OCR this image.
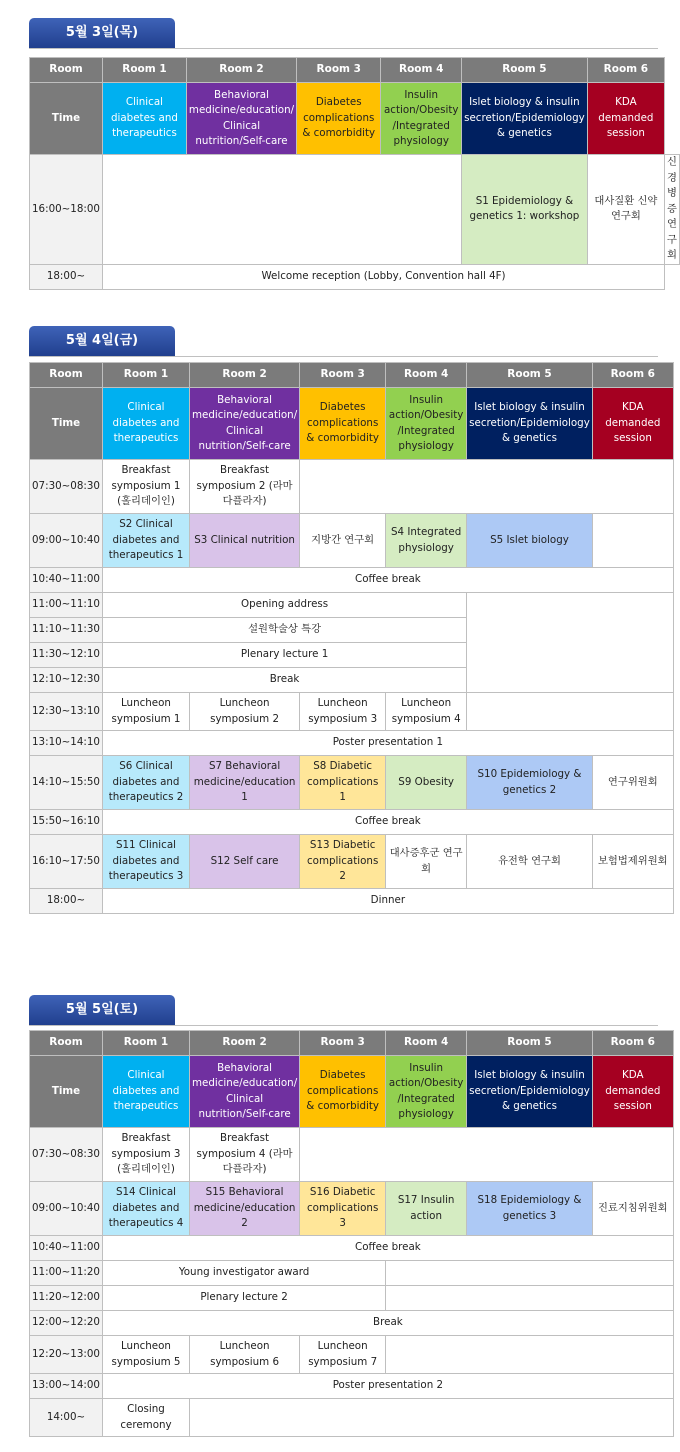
5월 3일(목)
Room	Room 1	Room 2	Room 3	Room 4	Room 5	Room 6	
Time	Clinical diabetes and therapeutics	Behavioral medicine/education/ Clinical nutrition/Self-care	Diabetes complications & comorbidity	Insulin action/Obesity /Integrated physiology	Islet biology & insulin secretion/Epidemiology & genetics	KDA demanded session	
16:00~18:00					S1 Epidemiology & genetics 1: workshop	대사질환 신약연구회	신경병증연구회
18:00~	Welcome reception (Lobby, Convention hall 4F)						
5월 4일(금)
Room	Room 1	Room 2	Room 3	Room 4	Room 5	Room 6
Time	Clinical diabetes and therapeutics	Behavioral medicine/education/ Clinical nutrition/Self-care	Diabetes complications & comorbidity	Insulin action/Obesity /Integrated physiology	Islet biology & insulin secretion/Epidemiology & genetics	KDA demanded session
07:30~08:30	Breakfast symposium 1 (홀리데이인)	Breakfast symposium 2 (라마다플라자)				
09:00~10:40	S2 Clinical diabetes and therapeutics 1	S3 Clinical nutrition	지방간 연구회	S4 Integrated physiology	S5 Islet biology	
10:40~11:00	Coffee break					
11:00~11:10	Opening address					
11:10~11:30	설원학술상 특강					
11:30~12:10	Plenary lecture 1					
12:10~12:30	Break					
12:30~13:10	Luncheon symposium 1	Luncheon symposium 2	Luncheon symposium 3	Luncheon symposium 4		
13:10~14:10	Poster presentation 1					
14:10~15:50	S6 Clinical diabetes and therapeutics 2	S7 Behavioral medicine/education 1	S8 Diabetic complications 1	S9 Obesity	S10 Epidemiology & genetics 2	연구위원회
15:50~16:10	Coffee break					
16:10~17:50	S11 Clinical diabetes and therapeutics 3	S12 Self care	S13 Diabetic complications 2	대사증후군 연구회	유전학 연구회	보험법제위원회
18:00~	Dinner					
5월 5일(토)
Room	Room 1	Room 2	Room 3	Room 4	Room 5	Room 6
Time	Clinical diabetes and therapeutics	Behavioral medicine/education/ Clinical nutrition/Self-care	Diabetes complications & comorbidity	Insulin action/Obesity /Integrated physiology	Islet biology & insulin secretion/Epidemiology & genetics	KDA demanded session
07:30~08:30	Breakfast symposium 3 (홀리데이인)	Breakfast symposium 4 (라마다플라자)				
09:00~10:40	S14 Clinical diabetes and therapeutics 4	S15 Behavioral medicine/education 2	S16 Diabetic complications 3	S17 Insulin action	S18 Epidemiology & genetics 3	진료지침위원회
10:40~11:00	Coffee break					
11:00~11:20	Young investigator award					
11:20~12:00	Plenary lecture 2					
12:00~12:20	Break					
12:20~13:00	Luncheon symposium 5	Luncheon symposium 6	Luncheon symposium 7			
13:00~14:00	Poster presentation 2					
14:00~	Closing ceremony					
